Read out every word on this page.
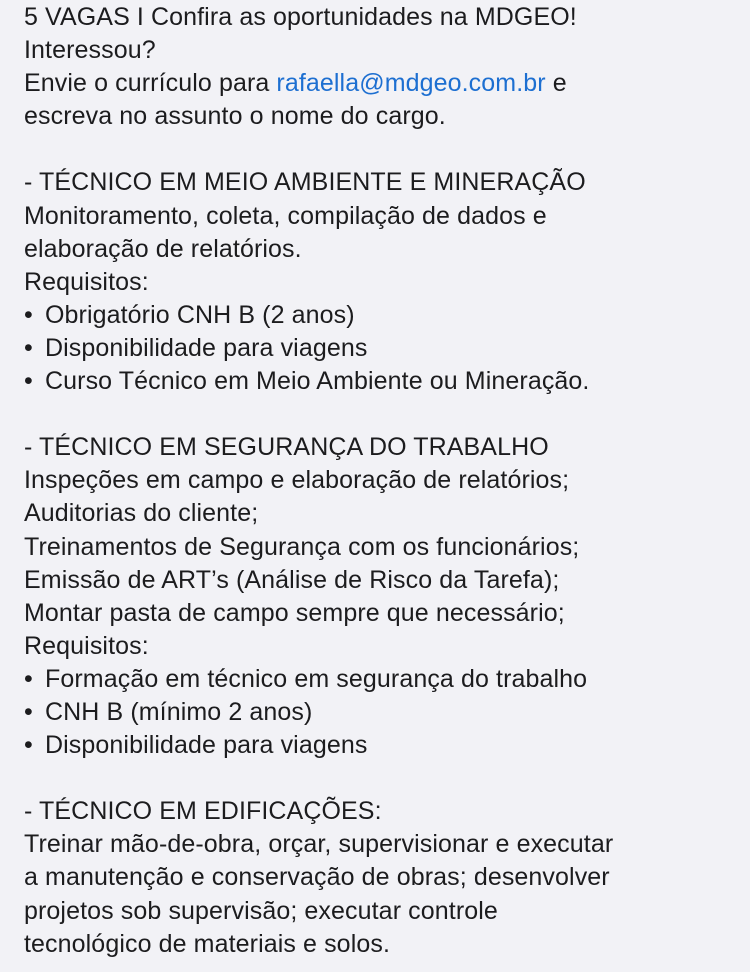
5 VAGAS I Confira as oportunidades na MDGEO!
Interessou?
Envie o currículo para rafaella@mdgeo.com.br e
escreva no assunto o nome do cargo.
- TÉCNICO EM MEIO AMBIENTE E MINERAÇÃO
Monitoramento, coleta, compilação de dados e
elaboração de relatórios.
Requisitos:
• Obrigatório CNH B (2 anos)
• Disponibilidade para viagens
• Curso Técnico em Meio Ambiente ou Mineração.
- TÉCNICO EM SEGURANÇA DO TRABALHO
Inspeções em campo e elaboração de relatórios;
Auditorias do cliente;
Treinamentos de Segurança com os funcionários;
Emissão de ART’s (Análise de Risco da Tarefa);
Montar pasta de campo sempre que necessário;
Requisitos:
• Formação em técnico em segurança do trabalho
• CNH B (mínimo 2 anos)
• Disponibilidade para viagens
- TÉCNICO EM EDIFICAÇÕES:
Treinar mão-de-obra, orçar, supervisionar e executar
a manutenção e conservação de obras; desenvolver
projetos sob supervisão; executar controle
tecnológico de materiais e solos.
